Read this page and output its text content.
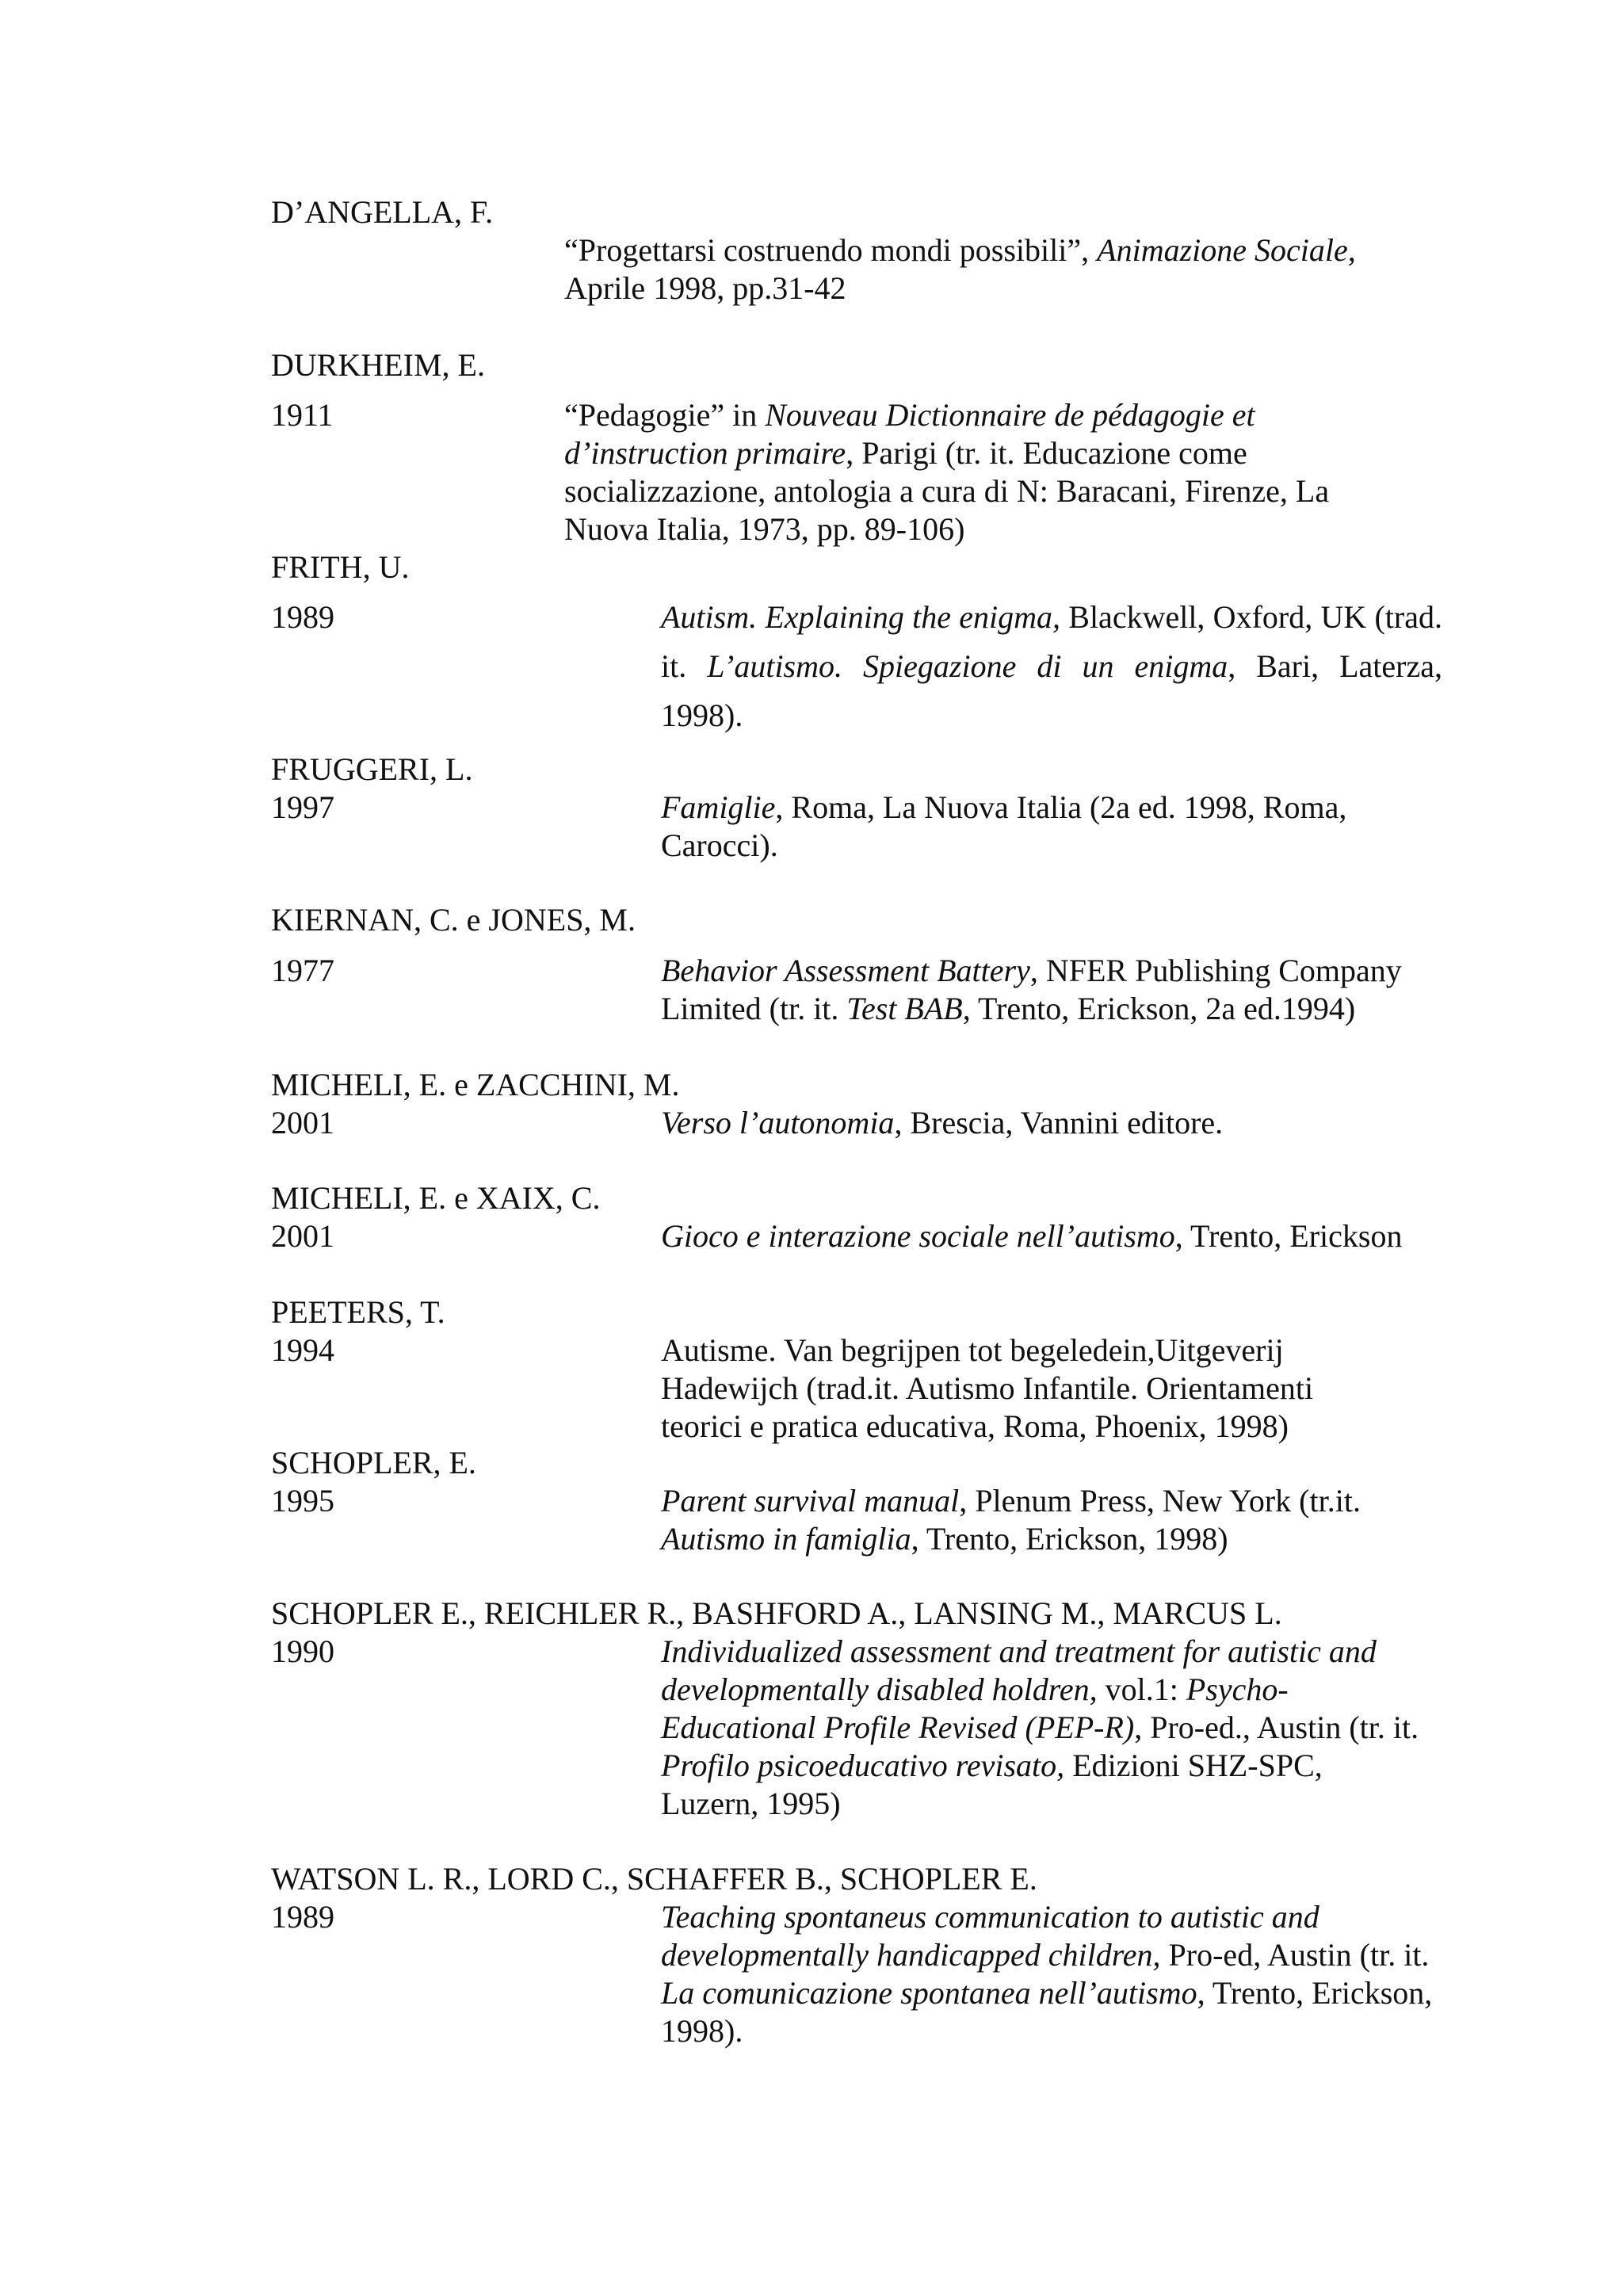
D’ANGELLA, F.
“Progettarsi costruendo mondi possibili”, Animazione Sociale, Aprile 1998, pp.31-42
DURKHEIM, E.
1911	“Pedagogie” in Nouveau Dictionnaire de pédagogie et d’instruction primaire, Parigi (tr. it. Educazione come socializzazione, antologia a cura di N: Baracani, Firenze, La Nuova Italia, 1973, pp. 89-106)
FRITH, U.
1989	Autism. Explaining the enigma, Blackwell, Oxford, UK (trad. it. L’autismo. Spiegazione di un enigma, Bari, Laterza, 1998).
FRUGGERI, L.
1997	Famiglie, Roma, La Nuova Italia (2a ed. 1998, Roma, Carocci).
KIERNAN, C. e JONES, M.
1977	Behavior Assessment Battery, NFER Publishing Company Limited (tr. it. Test BAB, Trento, Erickson, 2a ed.1994)
MICHELI, E. e ZACCHINI, M.
2001	Verso l’autonomia, Brescia, Vannini editore.
MICHELI, E. e XAIX, C.
2001	Gioco e interazione sociale nell’autismo, Trento, Erickson
PEETERS, T.
1994	Autisme. Van begrijpen tot begeledein,Uitgeverij Hadewijch (trad.it. Autismo Infantile. Orientamenti teorici e pratica educativa, Roma, Phoenix, 1998)
SCHOPLER, E.
1995	Parent survival manual, Plenum Press, New York (tr.it. Autismo in famiglia, Trento, Erickson, 1998)
SCHOPLER E., REICHLER R., BASHFORD A., LANSING M., MARCUS L.
1990	Individualized assessment and treatment for autistic and developmentally disabled holdren, vol.1: Psycho-Educational Profile Revised (PEP-R), Pro-ed., Austin (tr. it. Profilo psicoeducativo revisato, Edizioni SHZ-SPC, Luzern, 1995)
WATSON L. R., LORD C., SCHAFFER B., SCHOPLER E.
1989	Teaching spontaneus communication to autistic and developmentally handicapped children, Pro-ed, Austin (tr. it. La comunicazione spontanea nell’autismo, Trento, Erickson, 1998).
